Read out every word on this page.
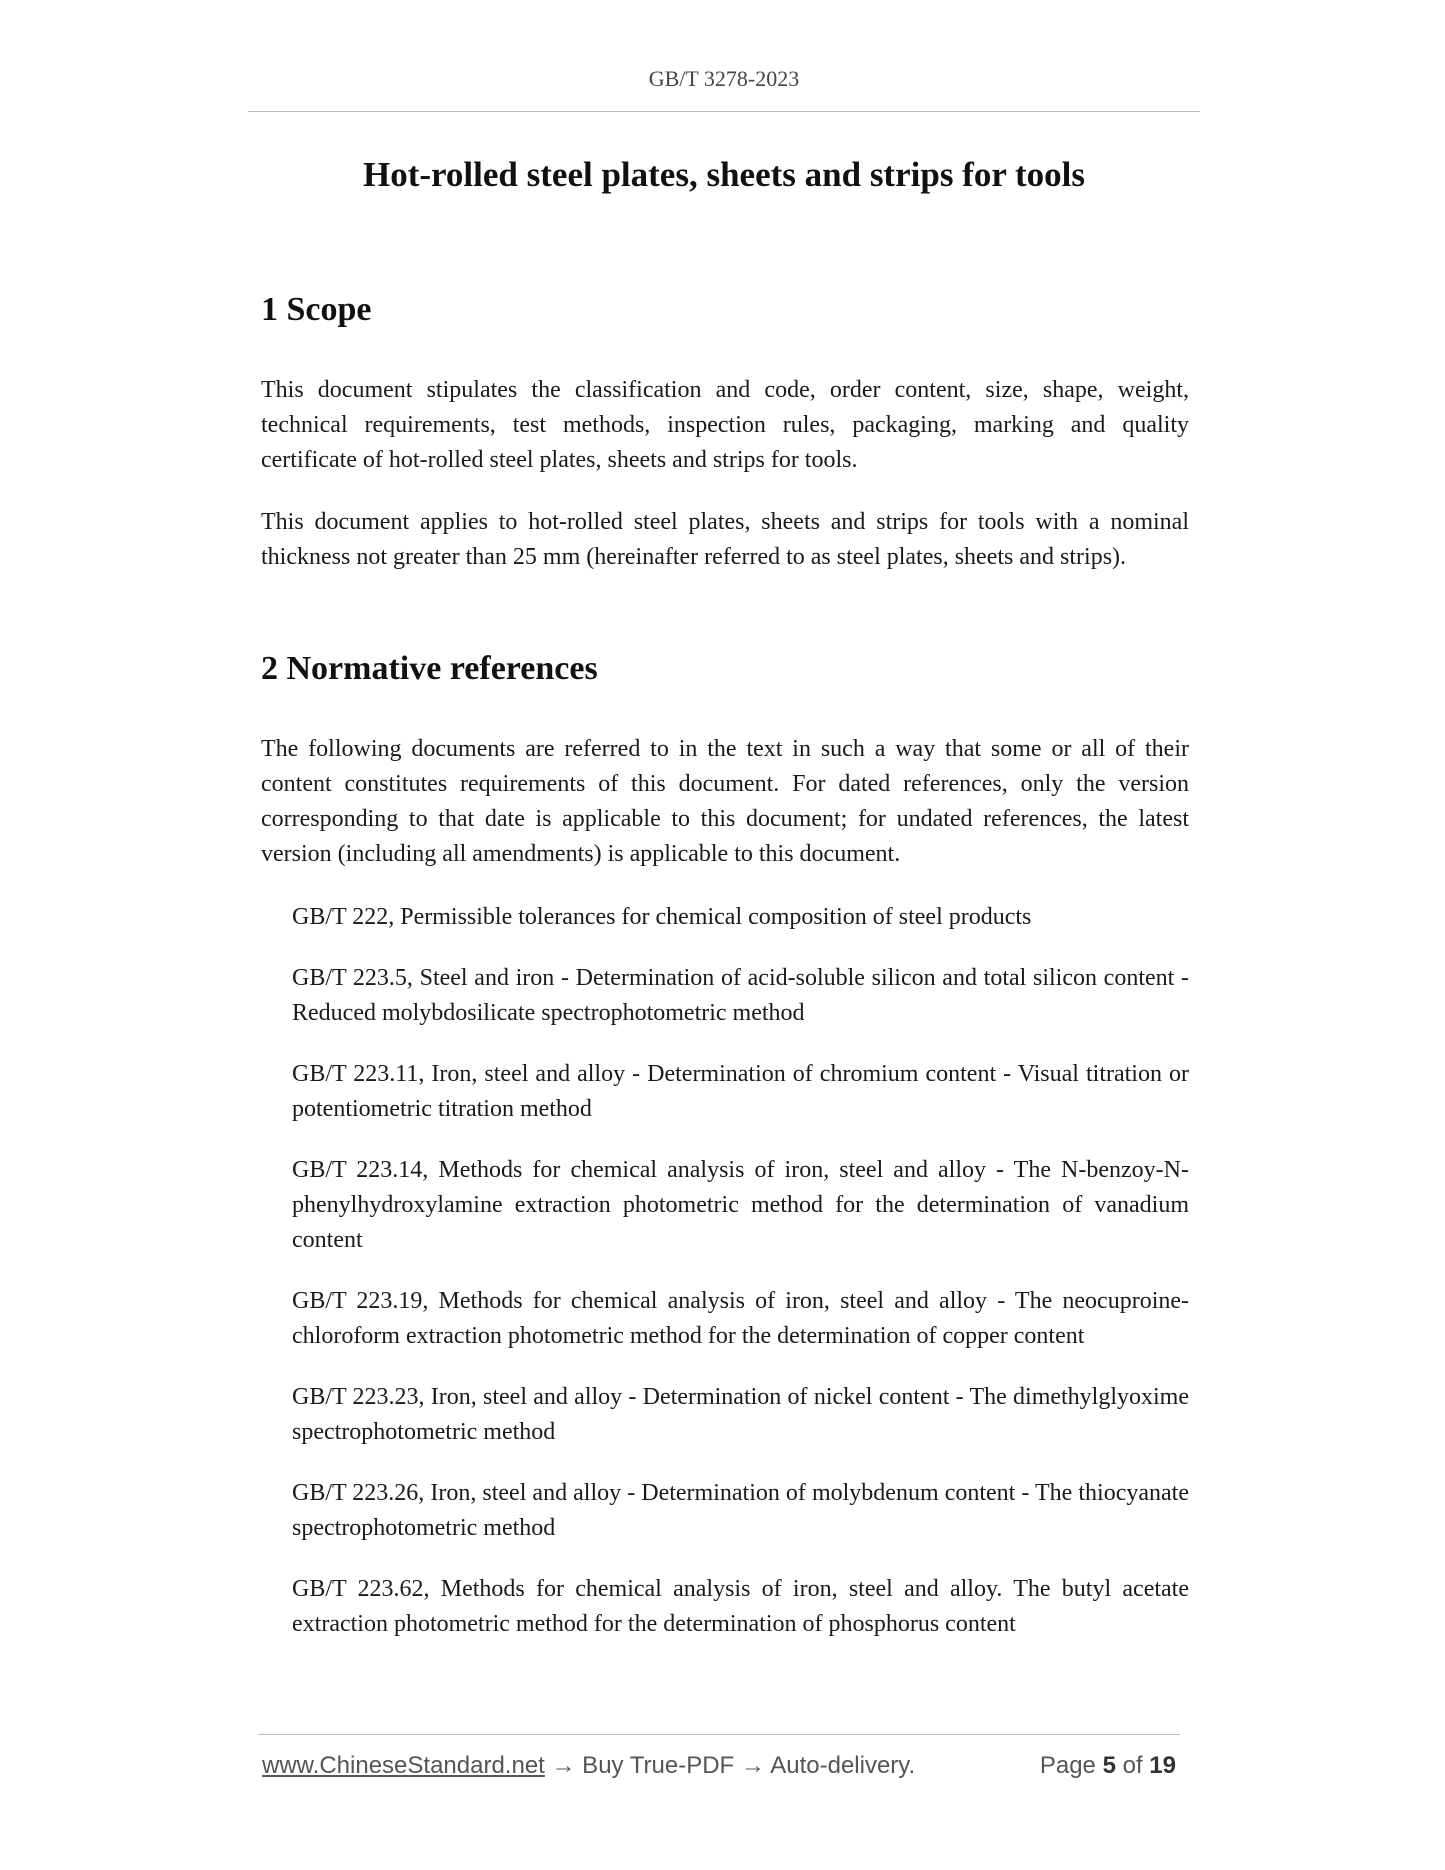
GB/T 3278-2023
Hot-rolled steel plates, sheets and strips for tools
1 Scope

This document stipulates the classification and code, order content, size, shape, weight, technical requirements, test methods, inspection rules, packaging, marking and quality certificate of hot-rolled steel plates, sheets and strips for tools.

This document applies to hot-rolled steel plates, sheets and strips for tools with a nominal thickness not greater than 25 mm (hereinafter referred to as steel plates, sheets and strips).

2 Normative references

The following documents are referred to in the text in such a way that some or all of their content constitutes requirements of this document. For dated references, only the version corresponding to that date is applicable to this document; for undated references, the latest version (including all amendments) is applicable to this document.

GB/T 222, Permissible tolerances for chemical composition of steel products

GB/T 223.5, Steel and iron - Determination of acid-soluble silicon and total silicon content - Reduced molybdosilicate spectrophotometric method

GB/T 223.11, Iron, steel and alloy - Determination of chromium content - Visual titration or potentiometric titration method

GB/T 223.14, Methods for chemical analysis of iron, steel and alloy - The N-benzoy-N-phenylhydroxylamine extraction photometric method for the determination of vanadium content

GB/T 223.19, Methods for chemical analysis of iron, steel and alloy - The neocuproine-chloroform extraction photometric method for the determination of copper content

GB/T 223.23, Iron, steel and alloy - Determination of nickel content - The dimethylglyoxime spectrophotometric method

GB/T 223.26, Iron, steel and alloy - Determination of molybdenum content - The thiocyanate spectrophotometric method

GB/T 223.62, Methods for chemical analysis of iron, steel and alloy. The butyl acetate extraction photometric method for the determination of phosphorus content

www.ChineseStandard.net → Buy True-PDF → Auto-delivery.	Page 5 of 19
